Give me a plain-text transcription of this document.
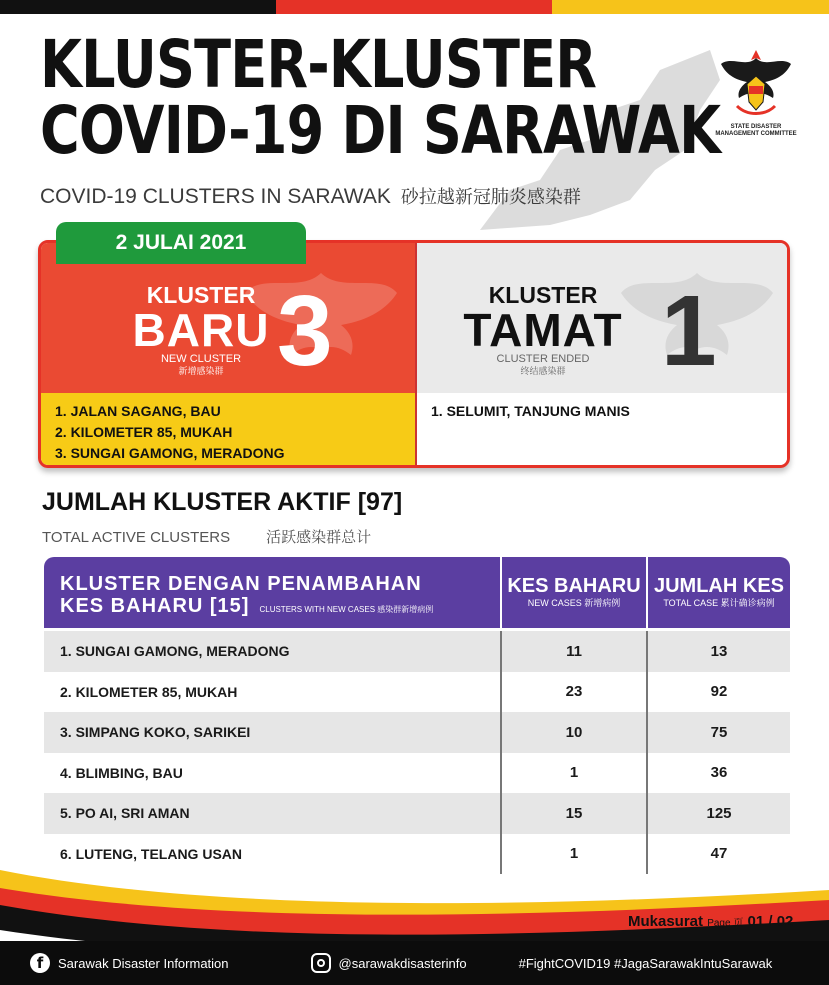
KLUSTER-KLUSTER
COVID-19 DI SARAWAK
COVID-19 CLUSTERS IN SARAWAK 砂拉越新冠肺炎感染群
STATE DISASTER
MANAGEMENT COMMITTEE
2 JULAI 2021
KLUSTER
BARU
NEW CLUSTER
新增感染群 3
1. JALAN SAGANG, BAU
2. KILOMETER 85, MUKAH
3. SUNGAI GAMONG, MERADONG
KLUSTER
TAMAT
CLUSTER ENDED
终结感染群 1
1. SELUMIT, TANJUNG MANIS
JUMLAH KLUSTER AKTIF [97]
TOTAL ACTIVE CLUSTERS 活跃感染群总计
KLUSTER DENGAN PENAMBAHAN
KES BAHARU [15] CLUSTERS WITH NEW CASES 感染群新增病例
KES BAHARU
NEW CASES 新增病例
JUMLAH KES
TOTAL CASE 累计确诊病例
1. SUNGAI GAMONG, MERADONG	11	13
2. KILOMETER 85, MUKAH	23	92
3. SIMPANG KOKO, SARIKEI	10	75
4. BLIMBING, BAU	1	36
5. PO AI, SRI AMAN	15	125
6. LUTENG, TELANG USAN	1	47
Mukasurat Page 页 01 / 02
f	Sarawak Disaster Information	@sarawakdisasterinfo	#FightCOVID19 #JagaSarawakIntuSarawak
